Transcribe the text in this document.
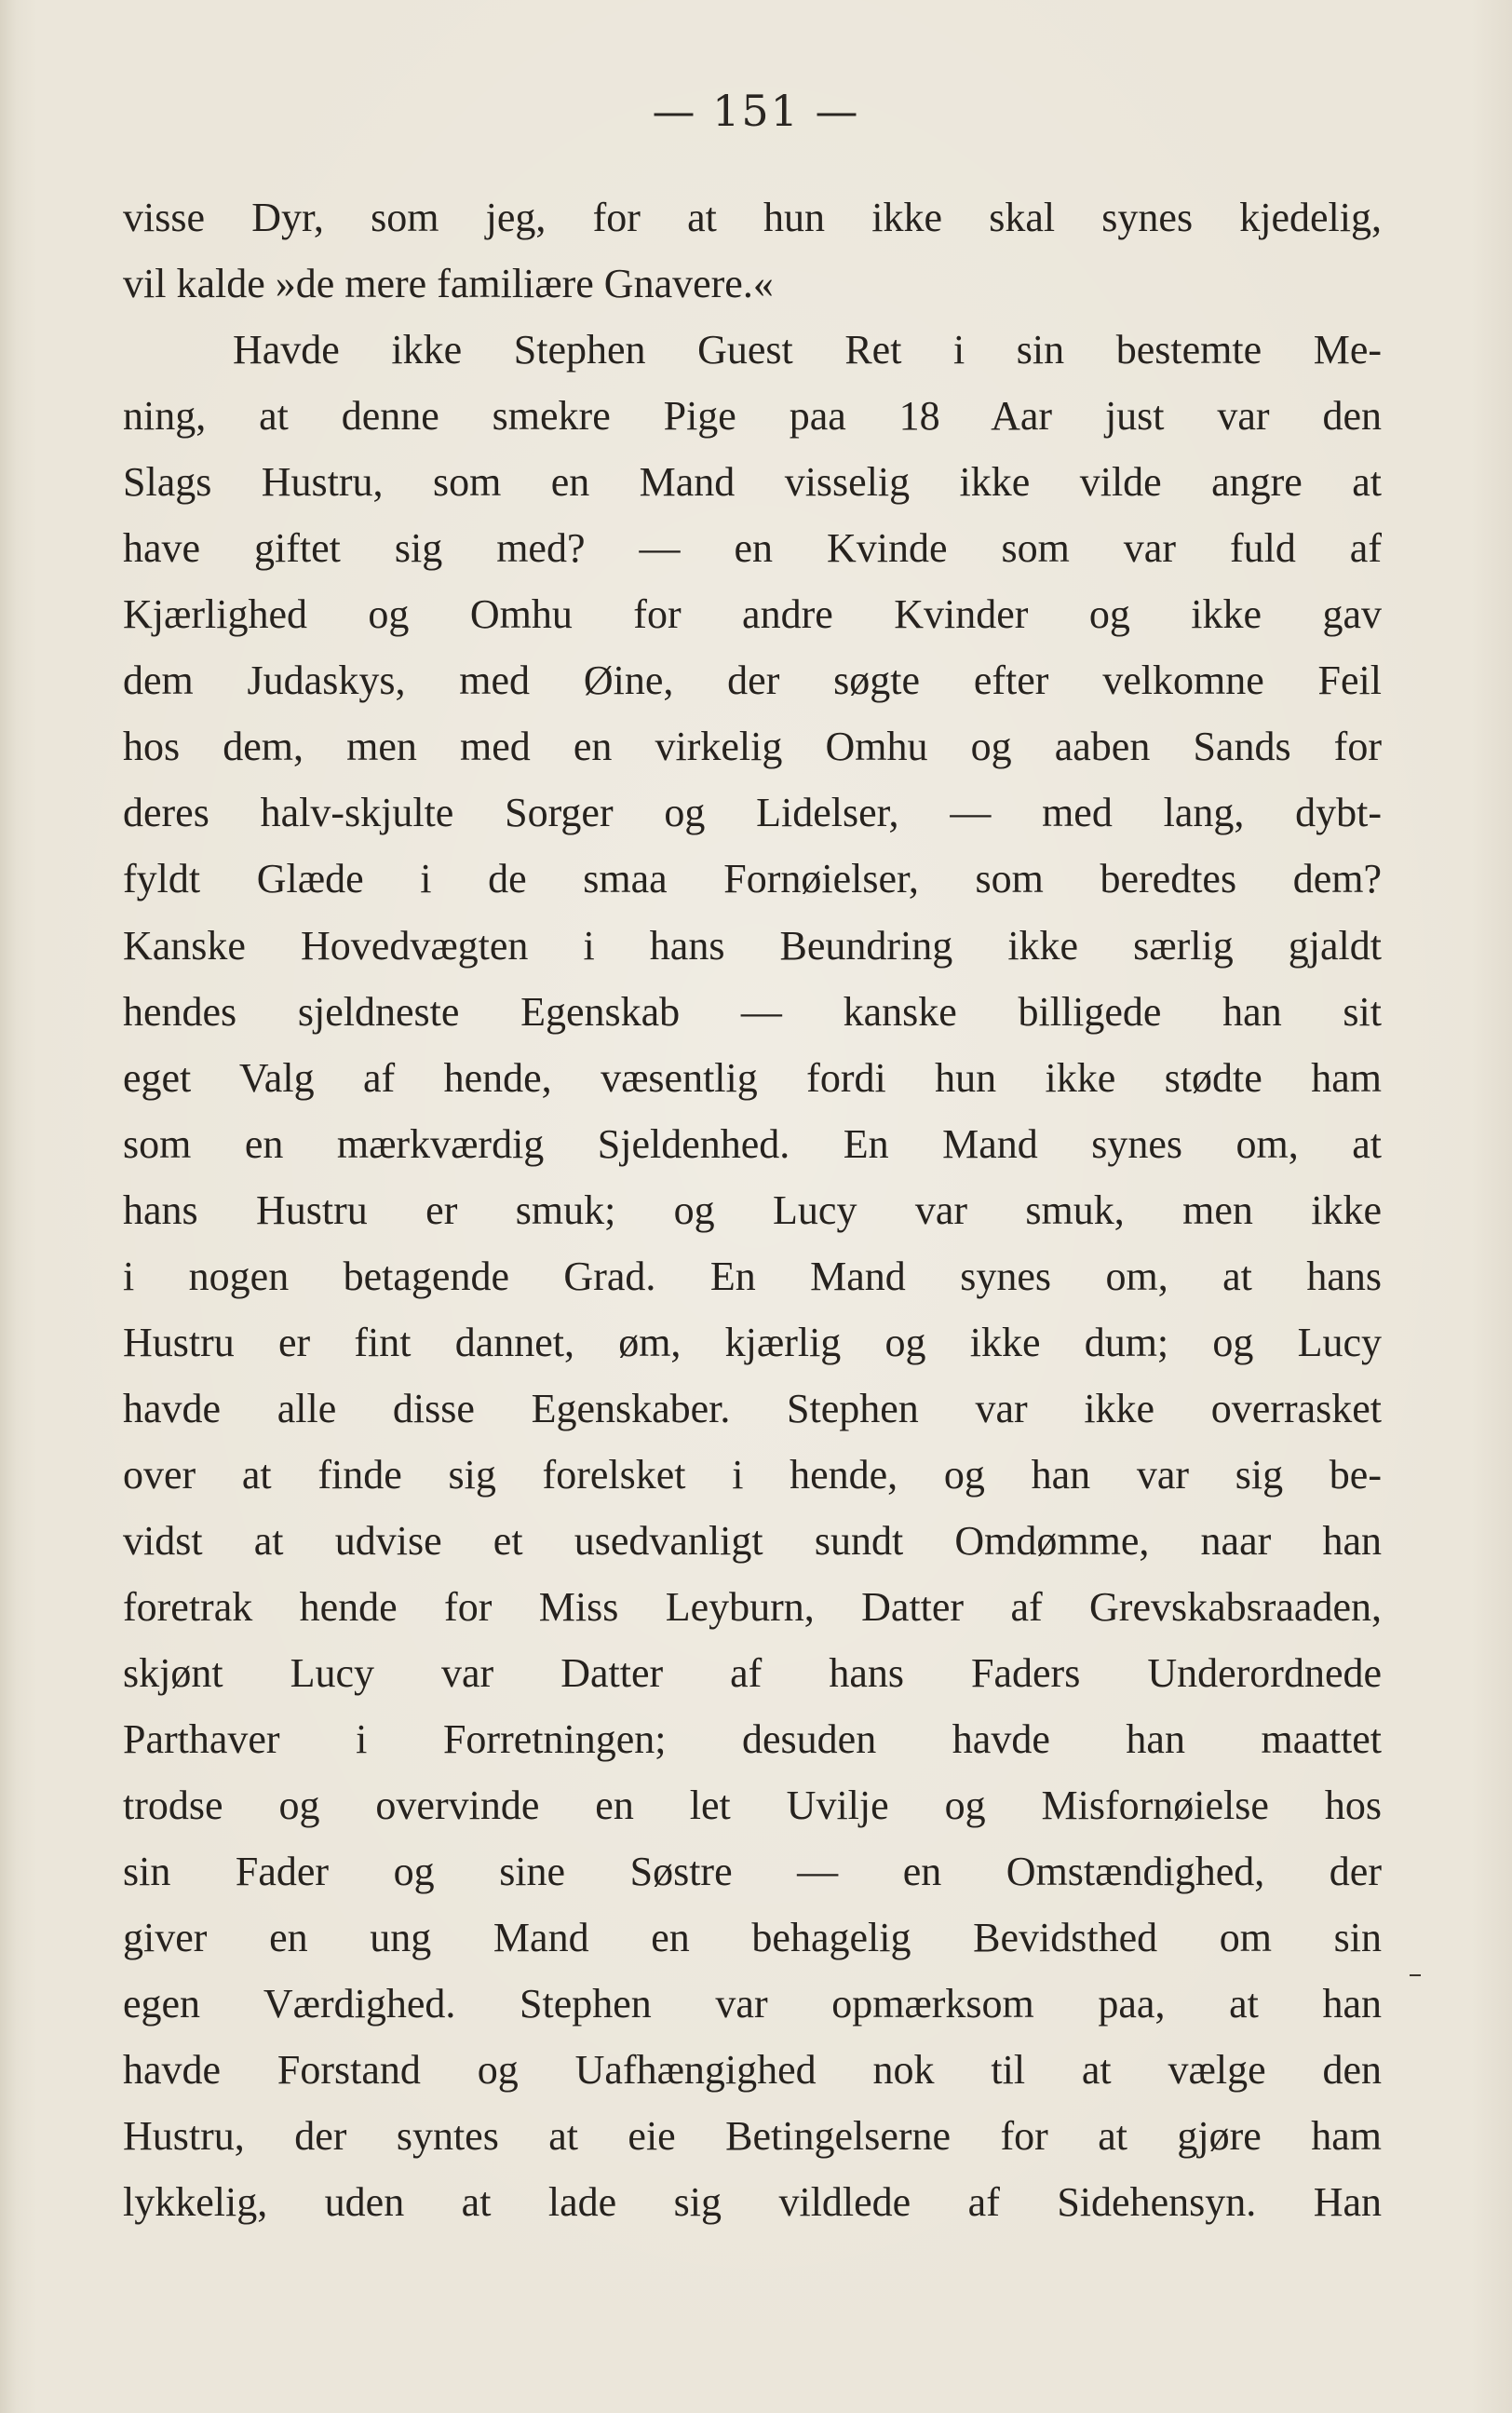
— 151 —

visse Dyr, som jeg, for at hun ikke skal synes kjedelig,
vil kalde »de mere familiære Gnavere.«
Havde ikke Stephen Guest Ret i sin bestemte Me-
ning, at denne smekre Pige paa 18 Aar just var den
Slags Hustru, som en Mand visselig ikke vilde angre at
have giftet sig med? — en Kvinde som var fuld af
Kjærlighed og Omhu for andre Kvinder og ikke gav
dem Judaskys, med Øine, der søgte efter velkomne Feil
hos dem, men med en virkelig Omhu og aaben Sands for
deres halv-skjulte Sorger og Lidelser, — med lang, dybt-
fyldt Glæde i de smaa Fornøielser, som beredtes dem?
Kanske Hovedvægten i hans Beundring ikke særlig gjaldt
hendes sjeldneste Egenskab — kanske billigede han sit
eget Valg af hende, væsentlig fordi hun ikke stødte ham
som en mærkværdig Sjeldenhed. En Mand synes om, at
hans Hustru er smuk; og Lucy var smuk, men ikke
i nogen betagende Grad. En Mand synes om, at hans
Hustru er fint dannet, øm, kjærlig og ikke dum; og Lucy
havde alle disse Egenskaber. Stephen var ikke overrasket
over at finde sig forelsket i hende, og han var sig be-
vidst at udvise et usedvanligt sundt Omdømme, naar han
foretrak hende for Miss Leyburn, Datter af Grevskabsraaden,
skjønt Lucy var Datter af hans Faders Underordnede
Parthaver i Forretningen; desuden havde han maattet
trodse og overvinde en let Uvilje og Misfornøielse hos
sin Fader og sine Søstre — en Omstændighed, der
giver en ung Mand en behagelig Bevidsthed om sin
egen Værdighed. Stephen var opmærksom paa, at han
havde Forstand og Uafhængighed nok til at vælge den
Hustru, der syntes at eie Betingelserne for at gjøre ham
lykkelig, uden at lade sig vildlede af Sidehensyn. Han
